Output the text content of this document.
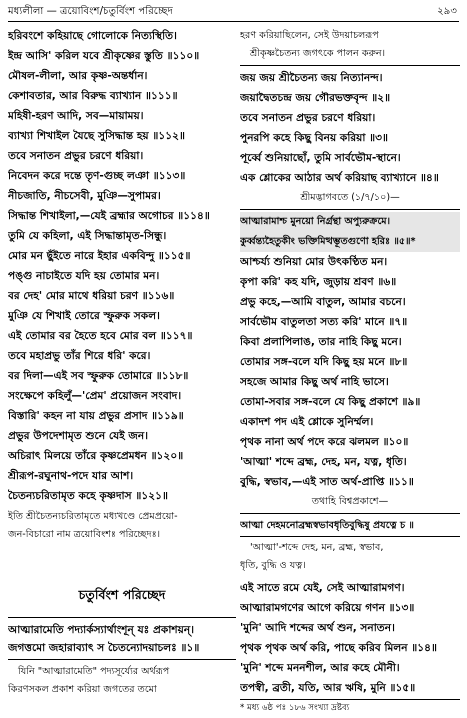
মধ্যলীলা — ত্রয়োবিংশ/চতুর্বিংশ পরিচ্ছেদ	২৯৩
হরিবংশে কহিয়াছে গোলোকে নিত্যস্থিতি।
ইন্দ্র আসি' করিল যবে শ্রীকৃষ্ণের স্তুতি ॥১১০॥
মৌষল-লীলা, আর কৃষ্ণ-অন্তর্ধান।
কেশাবতার, আর বিরুদ্ধ ব্যাখ্যান ॥১১১॥
মহিষী-হরণ আদি, সব—মায়াময়।
ব্যাখ্যা শিখাইল যৈছে সুসিদ্ধান্ত হয় ॥১১২॥
তবে সনাতন প্রভুর চরণে ধরিয়া।
নিবেদন করে দন্তে তৃণ-গুচ্ছ লঞা ॥১১৩॥
নীচজাতি, নীচসেবী, মুঞি—সুপামর।
সিদ্ধান্ত শিখাইলা,—যেই ব্রহ্মার অগোচর ॥১১৪॥
তুমি যে কহিলা, এই সিদ্ধান্তামৃত-সিন্ধু।
মোর মন ছুঁইতে নারে ইহার একবিন্দু ॥১১৫॥
পঙ্গু নাচাইতে যদি হয় তোমার মন।
বর দেহ' মোর মাথে ধরিয়া চরণ ॥১১৬॥
মুঞি যে শিখাই তোরে স্ফুরুক সকল।
এই তোমার বর হৈতে হবে মোর বল ॥১১৭॥
তবে মহাপ্রভু তাঁর শিরে ধরি' করে।
বর দিলা—এই সব স্ফুরুক তোমারে ॥১১৮॥
সংক্ষেপে কহিলুঁ—'প্রেম' প্রয়োজন সংবাদ।
বিস্তারি' কহন না যায় প্রভুর প্রসাদ ॥১১৯॥
প্রভুর উপদেশামৃত শুনে যেই জন।
অচিরাৎ মিলয়ে তাঁরে কৃষ্ণপ্রেমধন ॥১২০॥
শ্রীরূপ-রঘুনাথ-পদে যার আশ।
চৈতন্যচরিতামৃত কহে কৃষ্ণদাস ॥১২১॥
ইতি শ্রীচৈতন্যচরিতামৃতে মধ্যখণ্ডে প্রেমপ্রয়ো-
জন-বিচারো নাম ত্রয়োবিংশঃ পরিচ্ছেদঃ।
চতুর্বিংশ পরিচ্ছেদ
আত্মারামেতি পদ্যার্কস্যার্থাংশূন্ যঃ প্রকাশয়ন্।
জগত্তমো জহারাব্যাৎ স চৈতন্যোদয়াচলঃ ॥১॥
যিনি "আত্মারামেতি" পদ্যসূর্য্যের অর্থরূপ
কিরণসকল প্রকাশ করিয়া জগতের তমো
হরণ করিয়াছিলেন, সেই উদয়াচলরূপ
শ্রীকৃষ্ণচৈতন্য জগৎকে পালন করুন।
জয় জয় শ্রীচৈতন্য জয় নিত্যানন্দ।
জয়াদ্বৈতচন্দ্র জয় গৌরভক্তবৃন্দ ॥২॥
তবে সনাতন প্রভুর চরণে ধরিয়া।
পুনরপি কহে কিছু বিনয় করিয়া ॥৩॥
পূর্ব্বে শুনিয়াছোঁ, তুমি সার্বভৌম-স্থানে।
এক শ্লোকের আঠার অর্থ করিয়াছ ব্যাখ্যানে ॥৪॥
শ্রীমদ্ভাগবতে (১/৭/১০)—
আত্মারামাশ্চ মুনয়ো নির্গ্রন্থা অপ্যুরুক্রমে।
কুর্ব্বন্ত্যহৈতুকীং ভক্তিমিত্থম্ভূতগুণো হরিঃ ॥৫॥*
আশ্চর্য্য শুনিয়া মোর উৎকণ্ঠিত মন।
কৃপা করি' কহ যদি, জুড়ায় শ্রবণ ॥৬॥
প্রভু কহে,—আমি বাতুল, আমার বচনে।
সার্বভৌম বাতুলতা সত্য করি' মানে ॥৭॥
কিবা প্রলাপিলাঙ, তার নাহি কিছু মনে।
তোমার সঙ্গ-বলে যদি কিছু হয় মনে ॥৮॥
সহজে আমার কিছু অর্থ নাহি ভাসে।
তোমা-সবার সঙ্গ-বলে যে কিছু প্রকাশে ॥৯॥
একাদশ পদ এই শ্লোকে সুনির্ম্মল।
পৃথক নানা অর্থ পদে করে ঝলমল ॥১০॥
'আত্মা' শব্দে ব্রহ্ম, দেহ, মন, যত্ন, ধৃতি।
বুদ্ধি, স্বভাব,—এই সাত অর্থ-প্রাপ্তি ॥১১॥
তথাহি বিশ্বপ্রকাশে—
আত্মা দেহমনোব্রহ্মস্বভাবধৃতিবুদ্ধিষু প্রযত্নে চ ॥
'আত্মা'-শব্দে দেহ, মন, ব্রহ্ম, স্বভাব,
ধৃতি, বুদ্ধি ও যত্ন।
এই সাতে রমে যেই, সেই আত্মারামগণ।
আত্মারামগণের আগে করিয়ে গণন ॥১৩॥
'মুনি' আদি শব্দের অর্থ শুন, সনাতন।
পৃথক পৃথক অর্থ করি, পাছে করিব মিলন ॥১৪॥
'মুনি' শব্দে মননশীল, আর কহে মৌনী।
তপস্বী, ব্রতী, যতি, আর ঋষি, মুনি ॥১৫॥
* মধ্য ৬ষ্ঠ পঃ ১৮৬ সংখ্যা দ্রষ্টব্য
